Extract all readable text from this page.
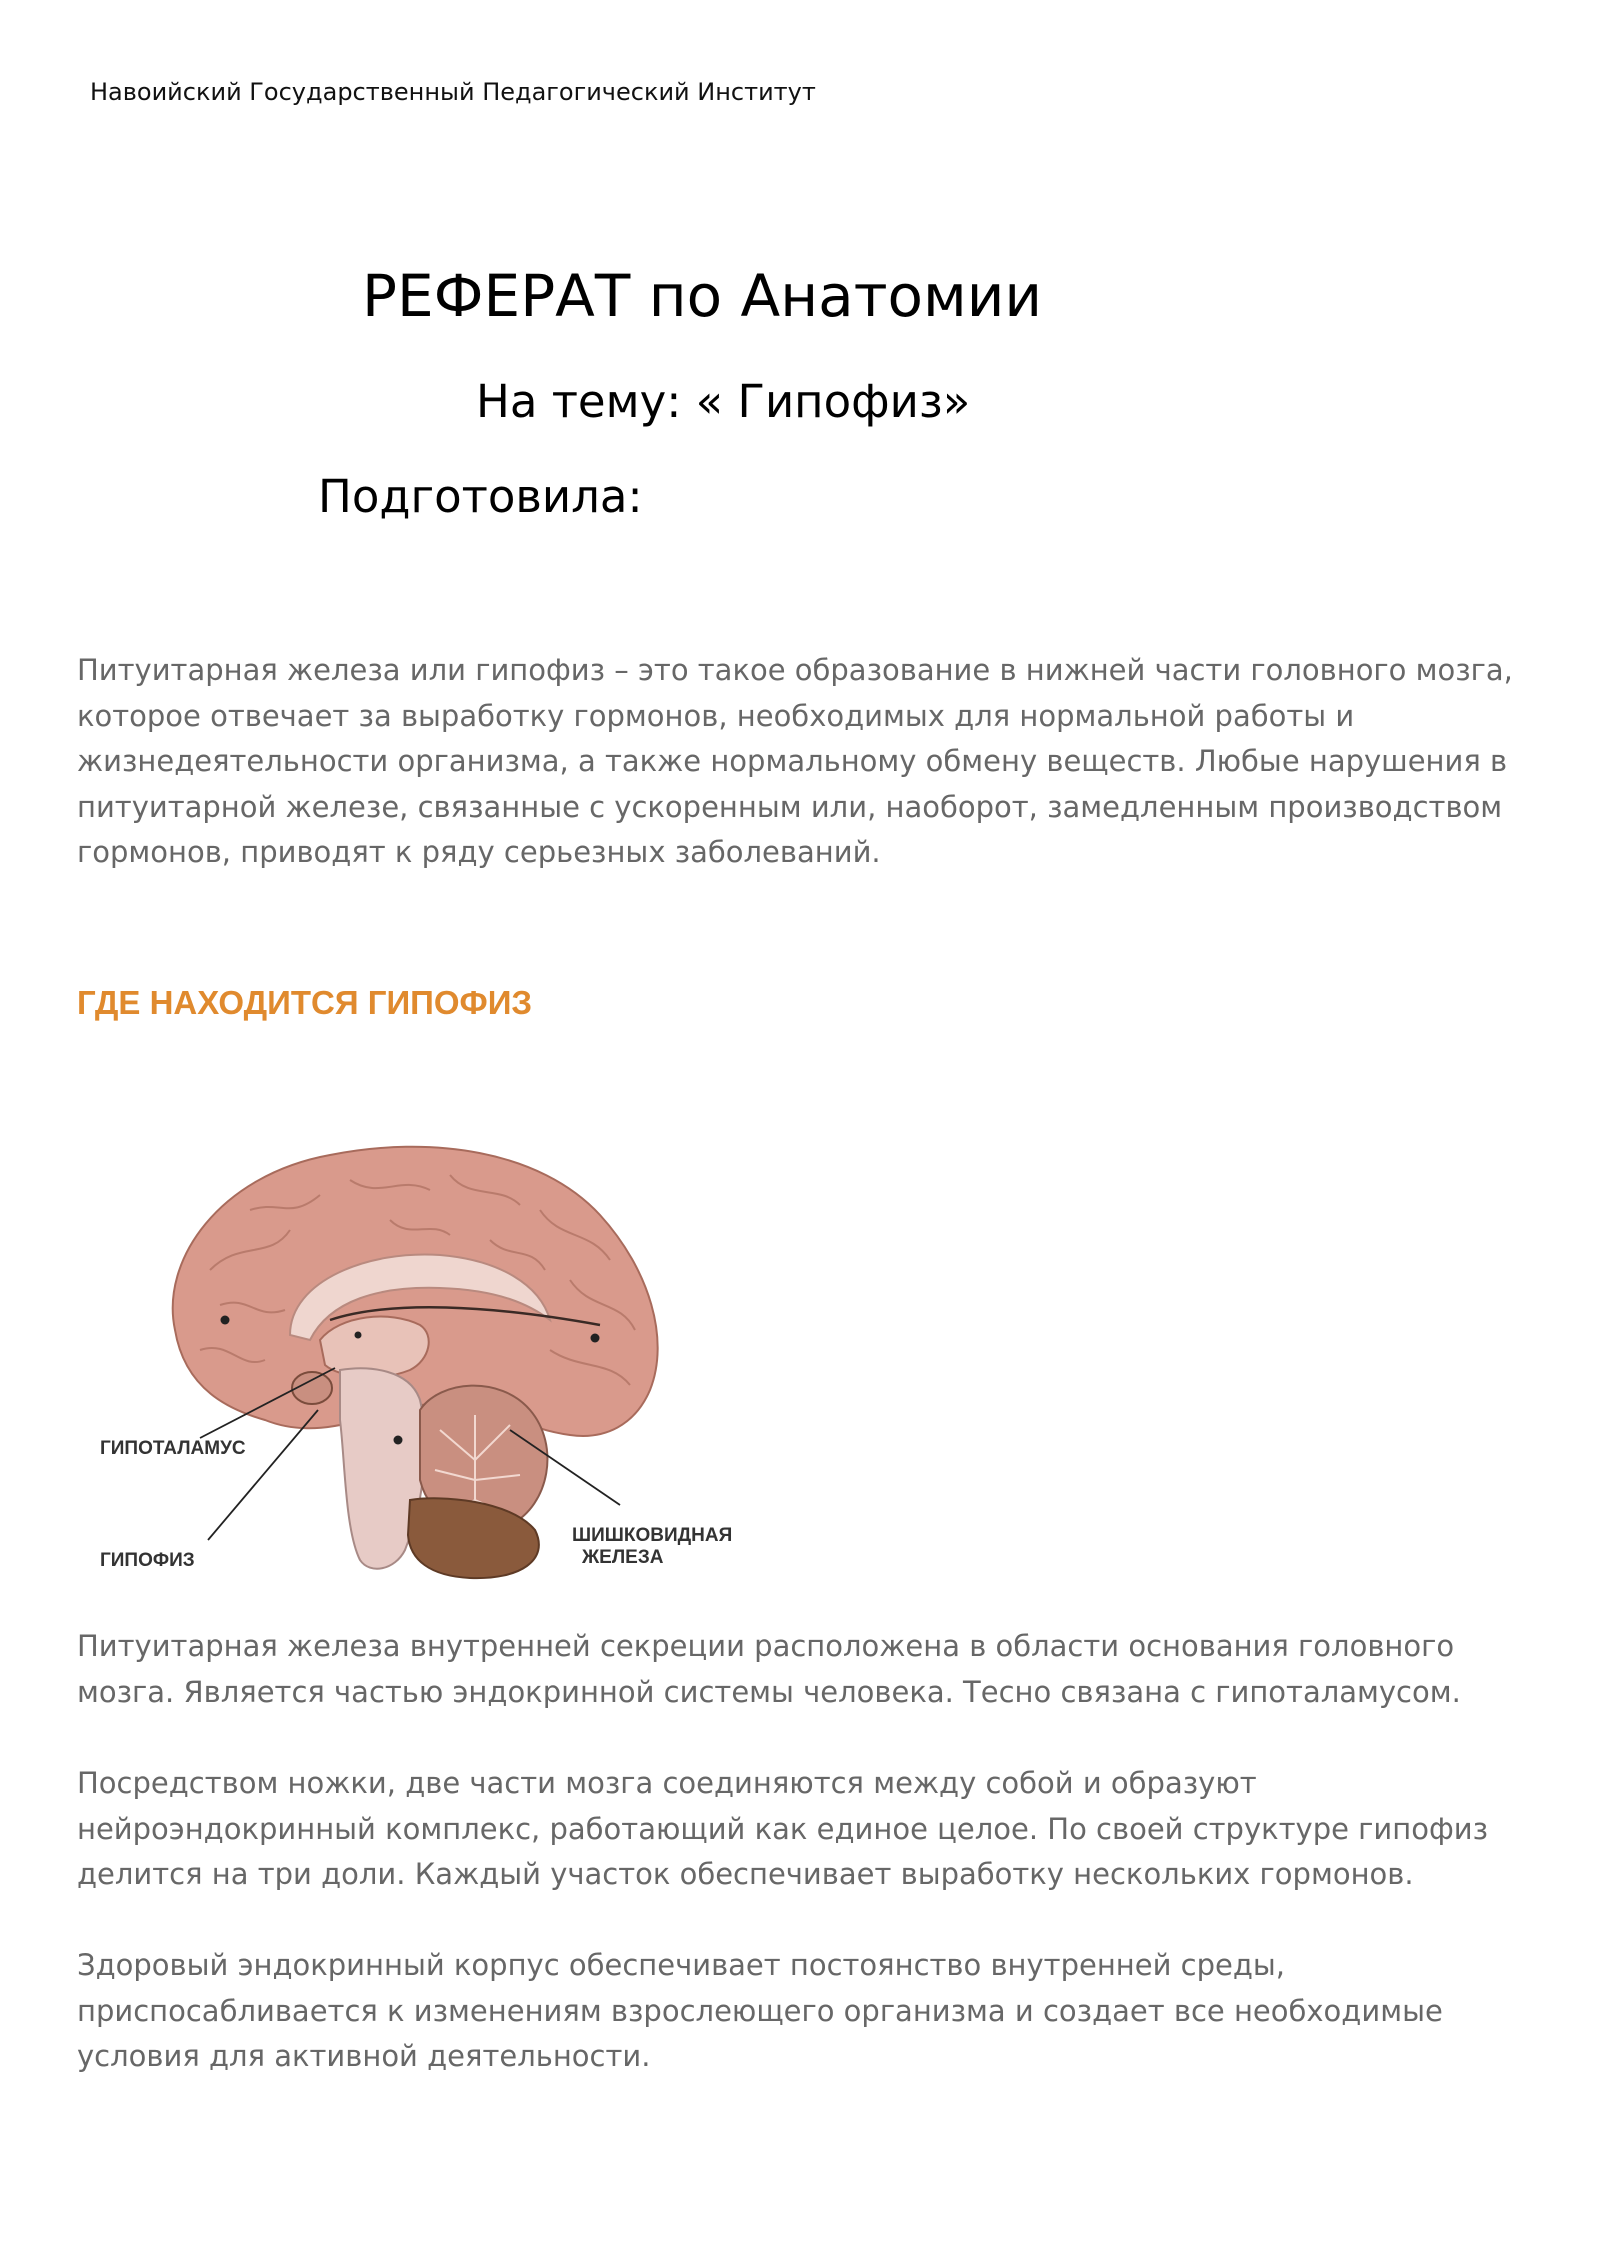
Навоийский Государственный Педагогический Институт
РЕФЕРАТ по Анатомии
На тему: « Гипофиз»
Подготовила:
Питуитарная железа или гипофиз – это такое образование в нижней части головного мозга,
которое отвечает за выработку гормонов, необходимых для нормальной работы и
жизнедеятельности организма, а также нормальному обмену веществ. Любые нарушения в
питуитарной железе, связанные с ускоренным или, наоборот, замедленным производством
гормонов, приводят к ряду серьезных заболеваний.
ГДЕ НАХОДИТСЯ ГИПОФИЗ
ГИПОТАЛАМУС
ГИПОФИЗ
ШИШКОВИДНАЯ
ЖЕЛЕЗА
Питуитарная железа внутренней секреции расположена в области основания головного
мозга. Является частью эндокринной системы человека. Тесно связана с гипоталамусом.
Посредством ножки, две части мозга соединяются между собой и образуют
нейроэндокринный комплекс, работающий как единое целое. По своей структуре гипофиз
делится на три доли. Каждый участок обеспечивает выработку нескольких гормонов.
Здоровый эндокринный корпус обеспечивает постоянство внутренней среды,
приспосабливается к изменениям взрослеющего организма и создает все необходимые
условия для активной деятельности.
